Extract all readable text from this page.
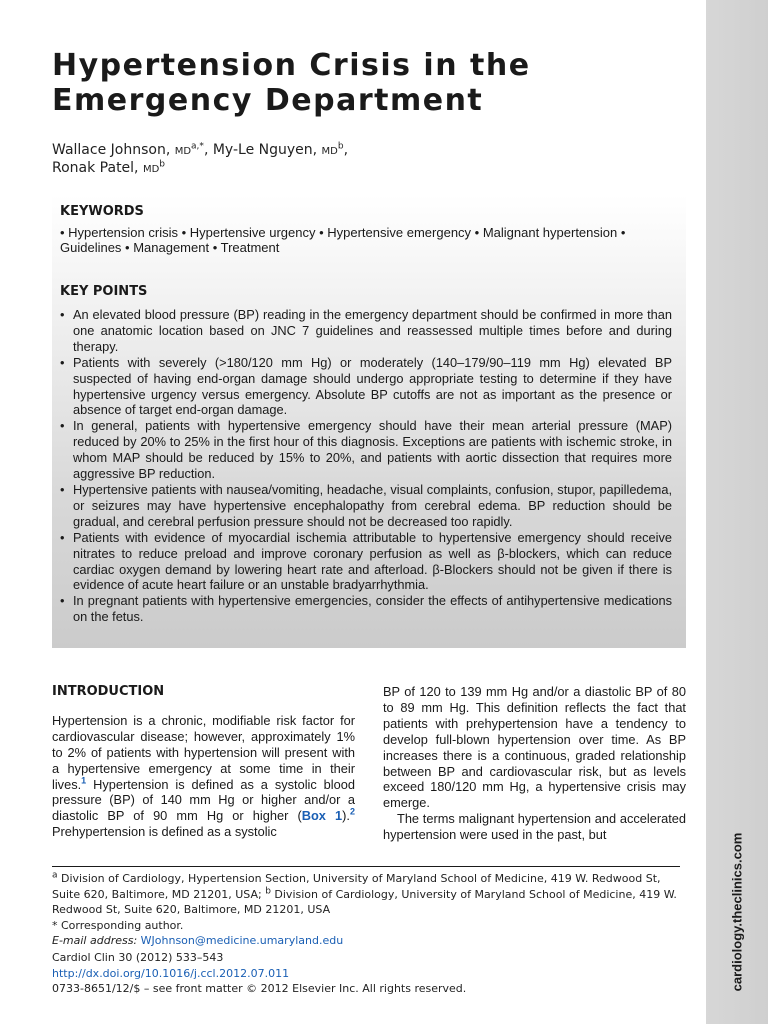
cardiology.theclinics.com
Hypertension Crisis in the
Emergency Department
Wallace Johnson, $MD^{a,*}$, My-Le Nguyen, $MD^b$,
Ronak Patel, $MD^b$
KEYWORDS

• Hypertension crisis • Hypertensive urgency • Hypertensive emergency • Malignant hypertension • Guidelines • Management • Treatment

KEY POINTS
• An elevated blood pressure (BP) reading in the emergency department should be confirmed in more than one anatomic location based on JNC 7 guidelines and reassessed multiple times before and during therapy.
• Patients with severely (>180/120 mm Hg) or moderately (140–179/90–119 mm Hg) elevated BP suspected of having end-organ damage should undergo appropriate testing to determine if they have hypertensive urgency versus emergency. Absolute BP cutoffs are not as important as the presence or absence of target end-organ damage.
• In general, patients with hypertensive emergency should have their mean arterial pressure (MAP) reduced by 20% to 25% in the first hour of this diagnosis. Exceptions are patients with ischemic stroke, in whom MAP should be reduced by 15% to 20%, and patients with aortic dissection that requires more aggressive BP reduction.
• Hypertensive patients with nausea/vomiting, headache, visual complaints, confusion, stupor, papilledema, or seizures may have hypertensive encephalopathy from cerebral edema. BP reduction should be gradual, and cerebral perfusion pressure should not be decreased too rapidly.
• Patients with evidence of myocardial ischemia attributable to hypertensive emergency should receive nitrates to reduce preload and improve coronary perfusion as well as β-blockers, which can reduce cardiac oxygen demand by lowering heart rate and afterload. β-Blockers should not be given if there is evidence of acute heart failure or an unstable bradyarrhythmia.
• In pregnant patients with hypertensive emergencies, consider the effects of antihypertensive medications on the fetus.
INTRODUCTION

Hypertension is a chronic, modifiable risk factor for cardiovascular disease; however, approximately 1% to 2% of patients with hypertension will present with a hypertensive emergency at some time in their lives.$^1$ Hypertension is defined as a systolic blood pressure (BP) of 140 mm Hg or higher and/or a diastolic BP of 90 mm Hg or higher (Box 1).$^2$ Prehypertension is defined as a systolic

BP of 120 to 139 mm Hg and/or a diastolic BP of 80 to 89 mm Hg. This definition reflects the fact that patients with prehypertension have a tendency to develop full-blown hypertension over time. As BP increases there is a continuous, graded relationship between BP and cardiovascular risk, but as levels exceed 180/120 mm Hg, a hypertensive crisis may emerge.

The terms malignant hypertension and accelerated hypertension were used in the past, but

$^a$ Division of Cardiology, Hypertension Section, University of Maryland School of Medicine, 419 W. Redwood St, Suite 620, Baltimore, MD 21201, USA; $^b$ Division of Cardiology, University of Maryland School of Medicine, 419 W. Redwood St, Suite 620, Baltimore, MD 21201, USA

* Corresponding author.

E-mail address: WJohnson@medicine.umaryland.edu

Cardiol Clin 30 (2012) 533–543

http://dx.doi.org/10.1016/j.ccl.2012.07.011

0733-8651/12/$ – see front matter © 2012 Elsevier Inc. All rights reserved.
